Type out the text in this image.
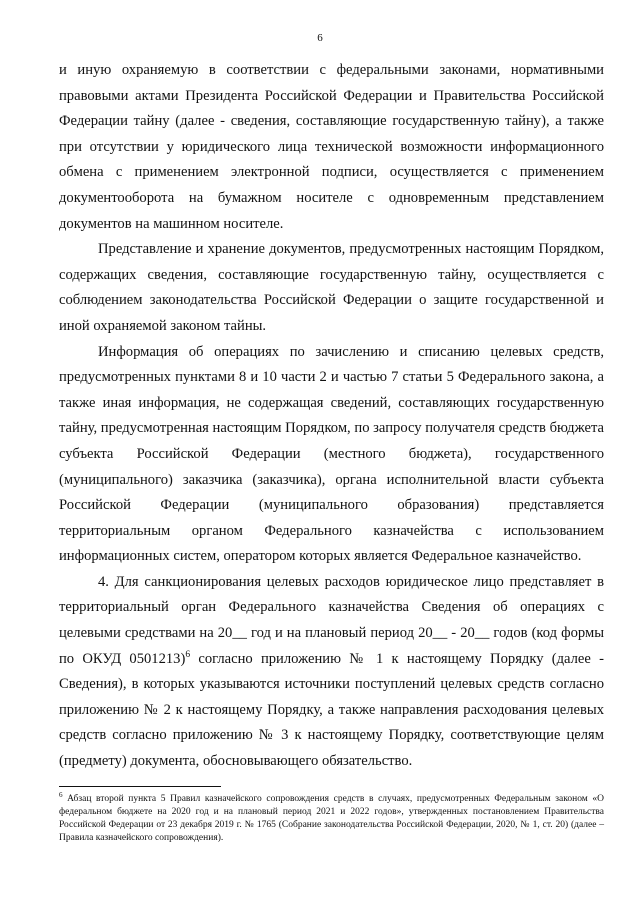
6

и иную охраняемую в соответствии с федеральными законами, нормативными правовыми актами Президента Российской Федерации и Правительства Российской Федерации тайну (далее - сведения, составляющие государственную тайну), а также при отсутствии у юридического лица технической возможности информационного обмена с применением электронной подписи, осуществляется с применением документооборота на бумажном носителе с одновременным представлением документов на машинном носителе.

Представление и хранение документов, предусмотренных настоящим Порядком, содержащих сведения, составляющие государственную тайну, осуществляется с соблюдением законодательства Российской Федерации о защите государственной и иной охраняемой законом тайны.

Информация об операциях по зачислению и списанию целевых средств, предусмотренных пунктами 8 и 10 части 2 и частью 7 статьи 5 Федерального закона, а также иная информация, не содержащая сведений, составляющих государственную тайну, предусмотренная настоящим Порядком, по запросу получателя средств бюджета субъекта Российской Федерации (местного бюджета), государственного (муниципального) заказчика (заказчика), органа исполнительной власти субъекта Российской Федерации (муниципального образования) представляется территориальным органом Федерального казначейства с использованием информационных систем, оператором которых является Федеральное казначейство.

4. Для санкционирования целевых расходов юридическое лицо представляет в территориальный орган Федерального казначейства Сведения об операциях с целевыми средствами на 20__ год и на плановый период 20__ - 20__ годов (код формы по ОКУД 0501213)$^6$ согласно приложению № 1 к настоящему Порядку (далее - Сведения), в которых указываются источники поступлений целевых средств согласно приложению № 2 к настоящему Порядку, а также направления расходования целевых средств согласно приложению № 3 к настоящему Порядку, соответствующие целям (предмету) документа, обосновывающего обязательство.

$^6$ Абзац второй пункта 5 Правил казначейского сопровождения средств в случаях, предусмотренных Федеральным законом «О федеральном бюджете на 2020 год и на плановый период 2021 и 2022 годов», утвержденных постановлением Правительства Российской Федерации от 23 декабря 2019 г. № 1765 (Собрание законодательства Российской Федерации, 2020, № 1, ст. 20) (далее – Правила казначейского сопровождения).
